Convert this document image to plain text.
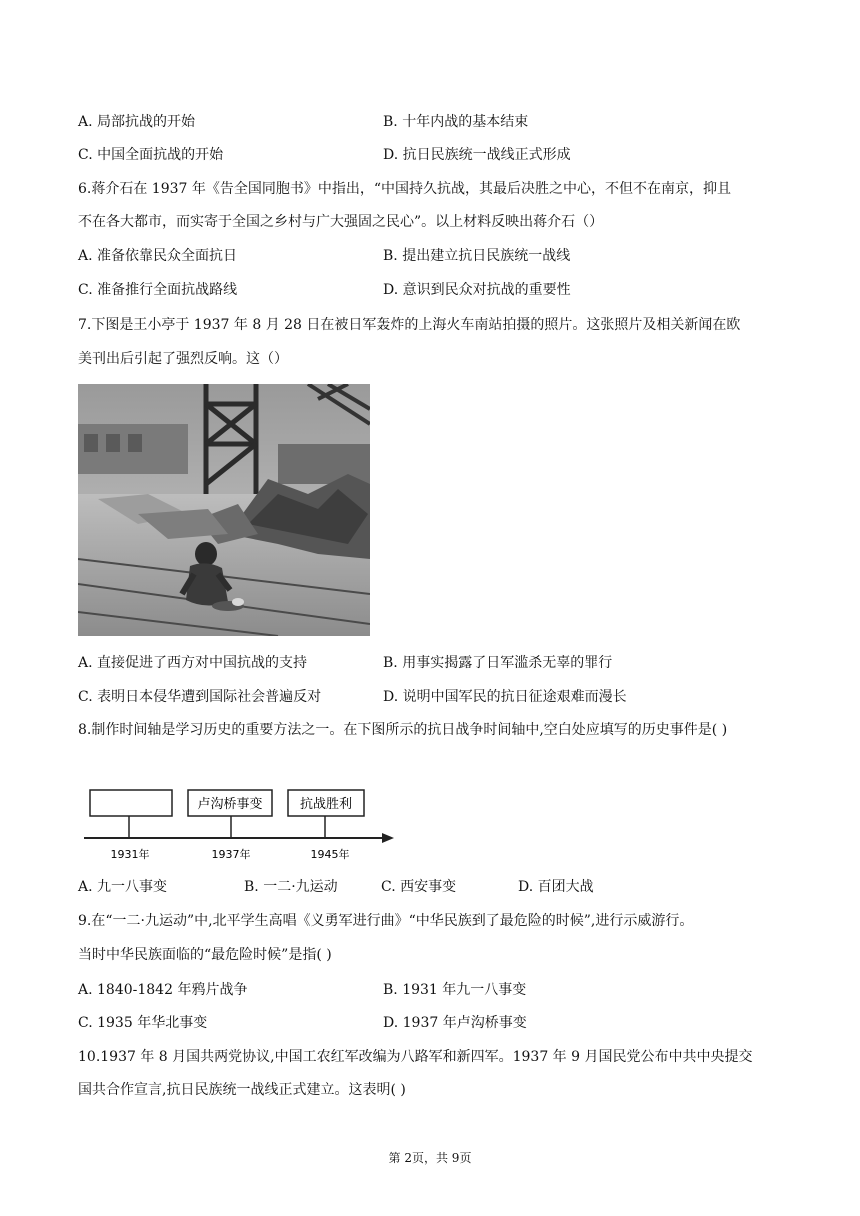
A. 局部抗战的开始	B. 十年内战的基本结束
C. 中国全面抗战的开始	D. 抗日民族统一战线正式形成
6.蒋介石在 1937 年《告全国同胞书》中指出，“中国持久抗战，其最后决胜之中心，不但不在南京，抑且
不在各大都市，而实寄于全国之乡村与广大强固之民心”。以上材料反映出蒋介石（）
A. 准备依靠民众全面抗日	B. 提出建立抗日民族统一战线
C. 准备推行全面抗战路线	D. 意识到民众对抗战的重要性
7.下图是王小亭于 1937 年 8 月 28 日在被日军轰炸的上海火车南站拍摄的照片。这张照片及相关新闻在欧
美刊出后引起了强烈反响。这（）
A. 直接促进了西方对中国抗战的支持	B. 用事实揭露了日军滥杀无辜的罪行
C. 表明日本侵华遭到国际社会普遍反对	D. 说明中国军民的抗日征途艰难而漫长
8.制作时间轴是学习历史的重要方法之一。在下图所示的抗日战争时间轴中,空白处应填写的历史事件是( )
卢沟桥事变	抗战胜利
1931年	1937年	1945年
A. 九一八事变	B. 一二·九运动	C. 西安事变	D. 百团大战
9.在“一二·九运动”中,北平学生高唱《义勇军进行曲》“中华民族到了最危险的时候”,进行示威游行。
当时中华民族面临的“最危险时候”是指( )
A. 1840-1842 年鸦片战争	B. 1931 年九一八事变
C. 1935 年华北事变	D. 1937 年卢沟桥事变
10.1937 年 8 月国共两党协议,中国工农红军改编为八路军和新四军。1937 年 9 月国民党公布中共中央提交
国共合作宣言,抗日民族统一战线正式建立。这表明( )
第 2页，共 9页
